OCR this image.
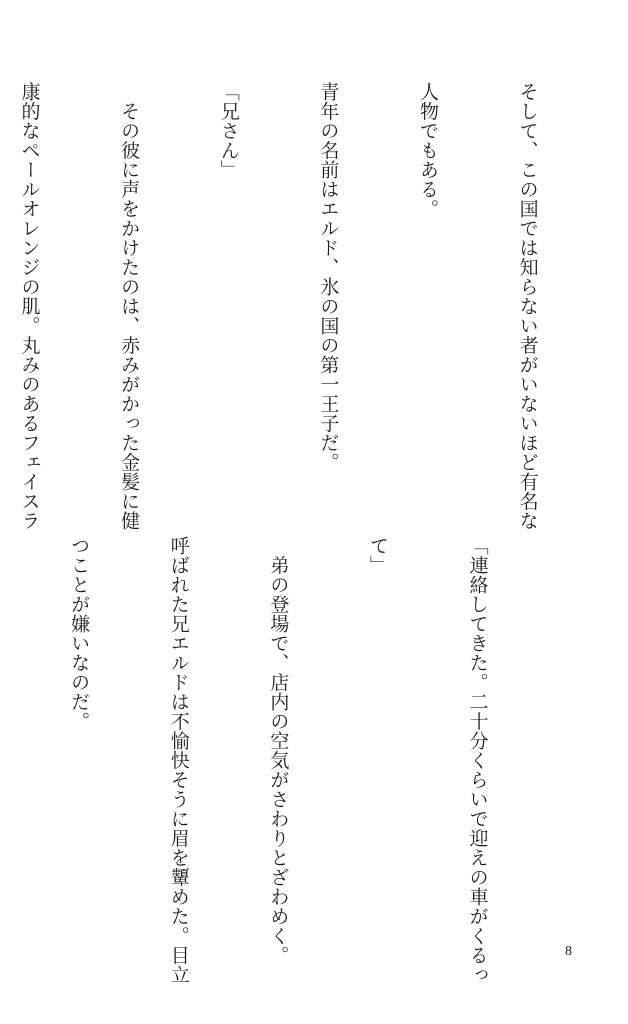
そして、この国では知らない者がいないほど有名な

人物でもある。

青年の名前はエルド、氷の国の第一王子だ。

「兄さん」

　その彼に声をかけたのは、赤みがかった金髪に健

康的なペールオレンジの肌。丸みのあるフェイスラ

「連絡してきた。二十分くらいで迎えの車がくるっ

て」

　弟の登場で、店内の空気がさわりとざわめく。

呼ばれた兄エルドは不愉快そうに眉を顰めた。目立

つことが嫌いなのだ。

8
